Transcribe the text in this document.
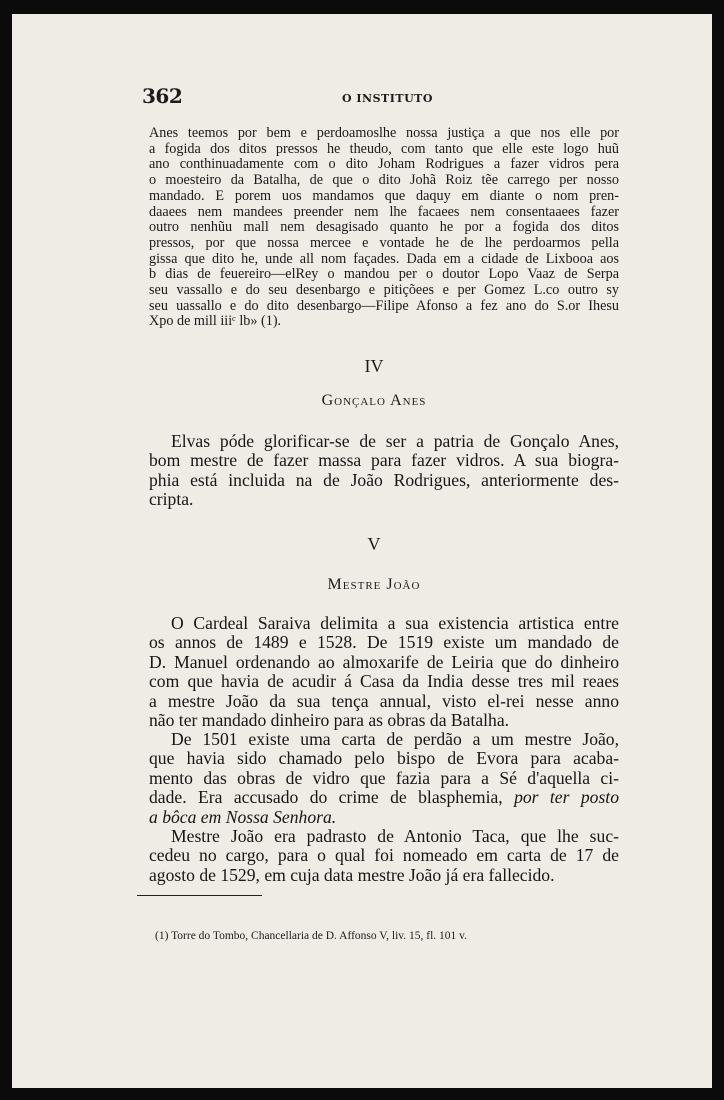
362	O INSTITUTO
Anes teemos por bem e perdoamoslhe nossa justiça a que nos elle por
a fogida dos ditos pressos he theudo, com tanto que elle este logo huũ
ano conthinuadamente com o dito Joham Rodrigues a fazer vidros pera
o moesteiro da Batalha, de que o dito Johã Roiz tẽe carrego per nosso
mandado. E porem uos mandamos que daquy em diante o nom pren-
daaees nem mandees preender nem lhe facaees nem consentaaees fazer
outro nenhũu mall nem desagisado quanto he por a fogida dos ditos
pressos, por que nossa mercee e vontade he de lhe perdoarmos pella
gissa que dito he, unde all nom façades. Dada em a cidade de Lixbooa aos
b dias de feuereiro—elRey o mandou per o doutor Lopo Vaaz de Serpa
seu vassallo e do seu desenbargo e pitiçõees e per Gomez L.co outro sy
seu uassallo e do dito desenbargo—Filipe Afonso a fez ano do S.or Ihesu
Xpo de mill iiiᶜ lb» (1).
IV
Gonçalo Anes
Elvas póde glorificar-se de ser a patria de Gonçalo Anes,
bom mestre de fazer massa para fazer vidros. A sua biogra-
phia está incluida na de João Rodrigues, anteriormente des-
cripta.
V
Mestre João
O Cardeal Saraiva delimita a sua existencia artistica entre
os annos de 1489 e 1528. De 1519 existe um mandado de
D. Manuel ordenando ao almoxarife de Leiria que do dinheiro
com que havia de acudir á Casa da India desse tres mil reaes
a mestre João da sua tença annual, visto el-rei nesse anno
não ter mandado dinheiro para as obras da Batalha.
De 1501 existe uma carta de perdão a um mestre João,
que havia sido chamado pelo bispo de Evora para acaba-
mento das obras de vidro que fazia para a Sé d'aquella ci-
dade. Era accusado do crime de blasphemia, por ter posto
a bôca em Nossa Senhora.
Mestre João era padrasto de Antonio Taca, que lhe suc-
cedeu no cargo, para o qual foi nomeado em carta de 17 de
agosto de 1529, em cuja data mestre João já era fallecido.
(1) Torre do Tombo, Chancellaria de D. Affonso V, liv. 15, fl. 101 v.
